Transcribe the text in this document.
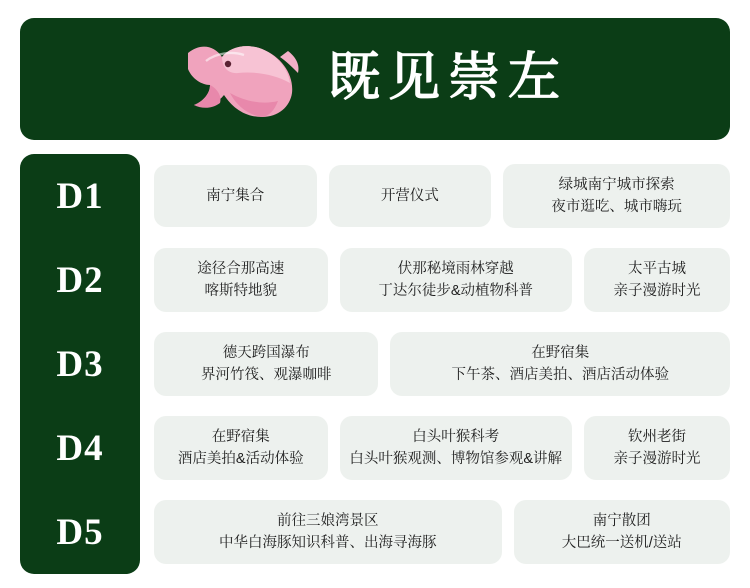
既见崇左
D1
D2
D3
D4
D5
南宁集合	开营仪式
绿城南宁城市探索
夜市逛吃、城市嗨玩
途径合那高速
喀斯特地貌
伏那秘境雨林穿越
丁达尔徒步&动植物科普
太平古城
亲子漫游时光
德天跨国瀑布
界河竹筏、观瀑咖啡
在野宿集
下午茶、酒店美拍、酒店活动体验
在野宿集
酒店美拍&活动体验
白头叶猴科考
白头叶猴观测、博物馆参观&讲解
钦州老街
亲子漫游时光
前往三娘湾景区
中华白海豚知识科普、出海寻海豚
南宁散团
大巴统一送机/送站
